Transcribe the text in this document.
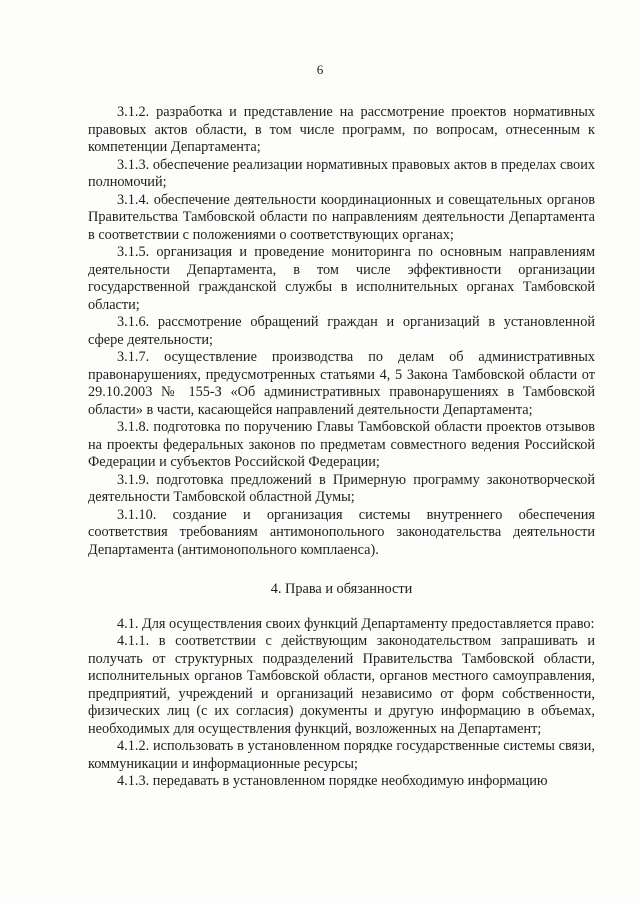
6

3.1.2. разработка и представление на рассмотрение проектов нормативных правовых актов области, в том числе программ, по вопросам, отнесенным к компетенции Департамента;

3.1.3. обеспечение реализации нормативных правовых актов в пределах своих полномочий;

3.1.4. обеспечение деятельности координационных и совещательных органов Правительства Тамбовской области по направлениям деятельности Департамента в соответствии с положениями о соответствующих органах;

3.1.5. организация и проведение мониторинга по основным направлениям деятельности Департамента, в том числе эффективности организации государственной гражданской службы в исполнительных органах Тамбовской области;

3.1.6. рассмотрение обращений граждан и организаций в установленной сфере деятельности;

3.1.7. осуществление производства по делам об административных правонарушениях, предусмотренных статьями 4, 5 Закона Тамбовской области от 29.10.2003 № 155-З «Об административных правонарушениях в Тамбовской области» в части, касающейся направлений деятельности Департамента;

3.1.8. подготовка по поручению Главы Тамбовской области проектов отзывов на проекты федеральных законов по предметам совместного ведения Российской Федерации и субъектов Российской Федерации;

3.1.9. подготовка предложений в Примерную программу законотворческой деятельности Тамбовской областной Думы;

3.1.10. создание и организация системы внутреннего обеспечения соответствия требованиям антимонопольного законодательства деятельности Департамента (антимонопольного комплаенса).

4. Права и обязанности

4.1. Для осуществления своих функций Департаменту предоставляется право:

4.1.1. в соответствии с действующим законодательством запрашивать и получать от структурных подразделений Правительства Тамбовской области, исполнительных органов Тамбовской области, органов местного самоуправления, предприятий, учреждений и организаций независимо от форм собственности, физических лиц (с их согласия) документы и другую информацию в объемах, необходимых для осуществления функций, возложенных на Департамент;

4.1.2. использовать в установленном порядке государственные системы связи, коммуникации и информационные ресурсы;

4.1.3. передавать в установленном порядке необходимую информацию
